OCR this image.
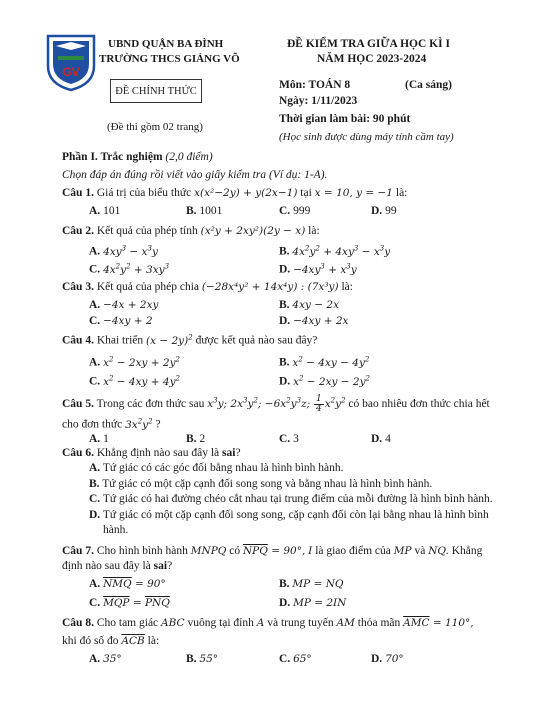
GV
UBND QUẬN BA ĐÌNH
TRƯỜNG THCS GIẢNG VÕ
ĐỀ CHÍNH THỨC
(Đề thi gồm 02 trang)
ĐỀ KIỂM TRA GIỮA HỌC KÌ I
NĂM HỌC 2023-2024
Môn: TOÁN 8	(Ca sáng)
Ngày: 1/11/2023
Thời gian làm bài: 90 phút
(Học sinh được dùng máy tính cầm tay)
Phần I. Trắc nghiệm (2,0 điểm)
Chọn đáp án đúng rồi viết vào giấy kiểm tra (Ví dụ: 1-A).
Câu 1. Giá trị của biểu thức x(x²−2y) + y(2x−1) tại x = 10, y = −1 là:
A. 101	B. 1001	C. 999	D. 99
Câu 2. Kết quả của phép tính (x²y + 2xy²)(2y − x) là:
A. $4xy^3 - x^3y$	B. $4x^2y^2 + 4xy^3 - x^3y$
C. $4x^2y^2 + 3xy^3$	D. $-4xy^3 + x^3y$
Câu 3. Kết quả của phép chia (−28x⁴y² + 14x⁴y) : (7x³y) là:
A. −4x + 2xy	B. 4xy − 2x
C. −4xy + 2	D. −4xy + 2x
Câu 4. Khai triển $(x - 2y)^2$ được kết quả nào sau đây?
A. $x^2 - 2xy + 2y^2$	B. $x^2 - 4xy - 4y^2$
C. $x^2 - 4xy + 4y^2$	D. $x^2 - 2xy - 2y^2$
Câu 5. Trong các đơn thức sau $x^3y$; $2x^3y^2$; $-6x^2y^3z$; $\frac{1}{4} x^2y^2$ có bao nhiêu đơn thức chia hết
cho đơn thức $3x^2y^2$ ?
A. 1	B. 2	C. 3	D. 4
Câu 6. Khẳng định nào sau đây là sai?
A. Tứ giác có các góc đối bằng nhau là hình bình hành.
B. Tứ giác có một cặp cạnh đối song song và bằng nhau là hình bình hành.
C. Tứ giác có hai đường chéo cắt nhau tại trung điểm của mỗi đường là hình bình hành.
D. Tứ giác có một cặp cạnh đối song song, cặp cạnh đối còn lại bằng nhau là hình bình
hành.
Câu 7. Cho hình bình hành MNPQ có $\overline{NPQ} = 90^\circ$, I là giao điểm của MP và NQ. Khẳng
định nào sau đây là sai?
A. $\overline{NMQ} = 90^\circ$	B. MP = NQ
C. $\overline{MQP} = \overline{PNQ}$	D. MP = 2IN
Câu 8. Cho tam giác ABC vuông tại đỉnh A và trung tuyến AM thỏa mãn $\overline{AMC} = 110^\circ$,
khi đó số đo $\overline{ACB}$ là:
A. 35°	B. 55°	C. 65°	D. 70°
